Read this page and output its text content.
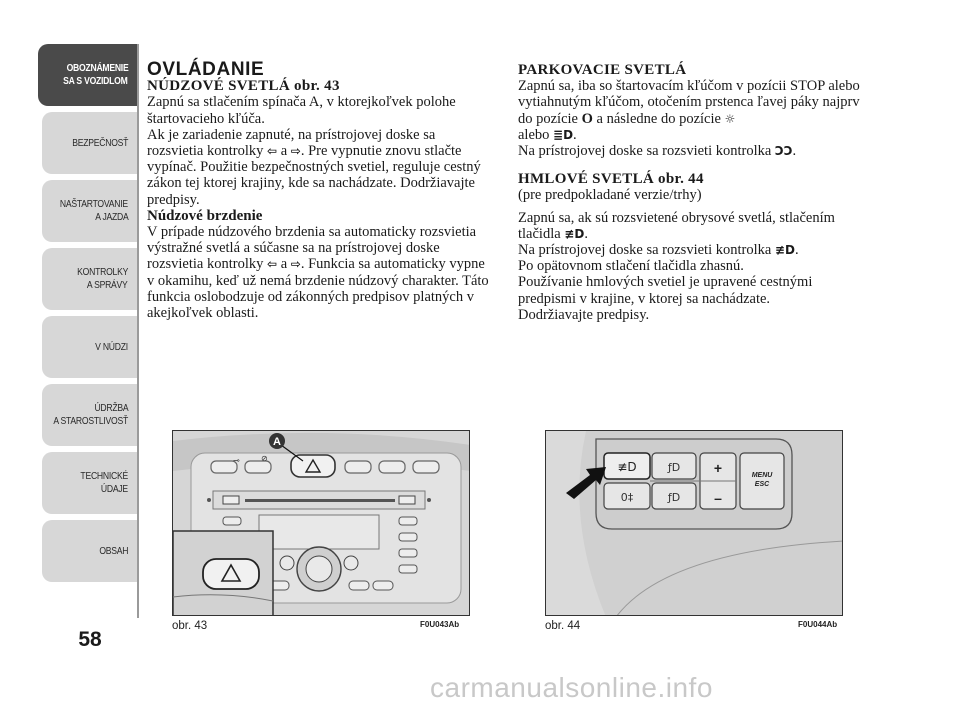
OBOZNÁMENIE
SA S VOZIDLOM
BEZPEČNOSŤ
NAŠTARTOVANIE
A JAZDA
KONTROLKY
A SPRÁVY
V NÚDZI
ÚDRŽBA
A STAROSTLIVOSŤ
TECHNICKÉ
ÚDAJE
OBSAH
58

OVLÁDANIE

NÚDZOVÉ SVETLÁ obr. 43

Zapnú sa stlačením spínača A, v ktorejkoľvek polohe štartovacieho kľúča.

Ak je zariadenie zapnuté, na prístrojovej doske sa rozsvietia kontrolky ⇦ a ⇨. Pre vypnutie znovu stlačte vypínač. Použitie bezpečnostných svetiel, reguluje cestný zákon tej ktorej krajiny, kde sa nachádzate. Dodržiavajte predpisy.

Núdzové brzdenie

V prípade núdzového brzdenia sa automaticky rozsvietia výstražné svetlá a súčasne sa na prístrojovej doske rozsvietia kontrolky ⇦ a ⇨. Funkcia sa automaticky vypne v okamihu, keď už nemá brzdenie núdzový charakter. Táto funkcia oslobodzuje od zákonných predpisov platných v akejkoľvek oblasti.

PARKOVACIE SVETLÁ

Zapnú sa, iba so štartovacím kľúčom v pozícii STOP alebo vytiahnutým kľúčom, otočením prstenca ľavej páky najprv do pozície O a následne do pozície ☼
alebo ≣D.
Na prístrojovej doske sa rozsvieti kontrolka ƆƆ.

HMLOVÉ SVETLÁ obr. 44

(pre predpokladané verzie/trhy)

Zapnú sa, ak sú rozsvietené obrysové svetlá, stlačením tlačidla ≢D.
Na prístrojovej doske sa rozsvieti kontrolka ≢D.
Po opätovnom stlačení tlačidla zhasnú.
Používanie hmlových svetiel je upravené cestnými predpismi v krajine, v ktorej sa nachádzate.
Dodržiavajte predpisy.

⊸	⊘
A
obr. 43	F0U043Ab
≢D	ƒD
0‡	ƒD
+
–
MENU
ESC
obr. 44	F0U044Ab
carmanualsonline.info
